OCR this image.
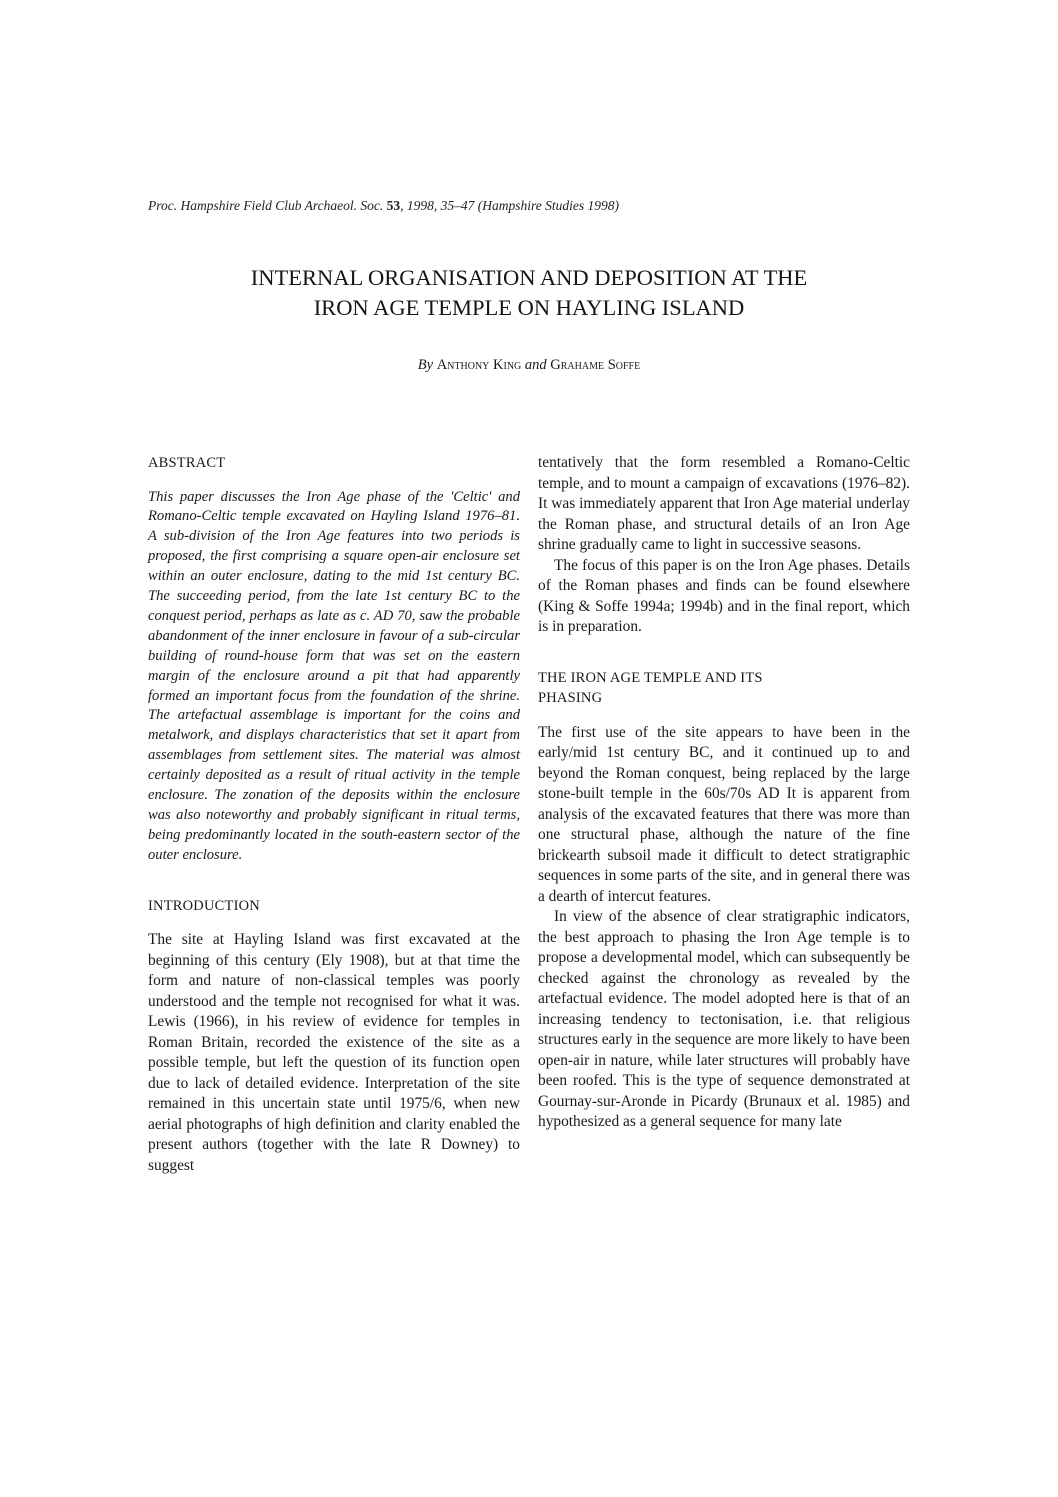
Proc. Hampshire Field Club Archaeol. Soc. 53, 1998, 35–47 (Hampshire Studies 1998)
INTERNAL ORGANISATION AND DEPOSITION AT THE
IRON AGE TEMPLE ON HAYLING ISLAND
By Anthony King and Grahame Soffe
ABSTRACT

This paper discusses the Iron Age phase of the 'Celtic' and Romano-Celtic temple excavated on Hayling Island 1976–81. A sub-division of the Iron Age features into two periods is proposed, the first comprising a square open-air enclosure set within an outer enclosure, dating to the mid 1st century BC. The succeeding period, from the late 1st century BC to the conquest period, perhaps as late as c. AD 70, saw the probable abandonment of the inner enclosure in favour of a sub-circular building of round-house form that was set on the eastern margin of the enclosure around a pit that had apparently formed an important focus from the foundation of the shrine. The artefactual assemblage is important for the coins and metalwork, and displays characteristics that set it apart from assemblages from settlement sites. The material was almost certainly deposited as a result of ritual activity in the temple enclosure. The zonation of the deposits within the enclosure was also noteworthy and probably significant in ritual terms, being predominantly located in the south-eastern sector of the outer enclosure.

INTRODUCTION

The site at Hayling Island was first excavated at the beginning of this century (Ely 1908), but at that time the form and nature of non-classical temples was poorly understood and the temple not recognised for what it was. Lewis (1966), in his review of evidence for temples in Roman Britain, recorded the existence of the site as a possible temple, but left the question of its function open due to lack of detailed evidence. Interpretation of the site remained in this uncertain state until 1975/6, when new aerial photographs of high definition and clarity enabled the present authors (together with the late R Downey) to suggest

tentatively that the form resembled a Romano-Celtic temple, and to mount a campaign of excavations (1976–82). It was immediately apparent that Iron Age material underlay the Roman phase, and structural details of an Iron Age shrine gradually came to light in successive seasons.

The focus of this paper is on the Iron Age phases. Details of the Roman phases and finds can be found elsewhere (King & Soffe 1994a; 1994b) and in the final report, which is in preparation.

THE IRON AGE TEMPLE AND ITS
PHASING

The first use of the site appears to have been in the early/mid 1st century BC, and it continued up to and beyond the Roman conquest, being replaced by the large stone-built temple in the 60s/70s AD It is apparent from analysis of the excavated features that there was more than one structural phase, although the nature of the fine brickearth subsoil made it difficult to detect stratigraphic sequences in some parts of the site, and in general there was a dearth of intercut features.

In view of the absence of clear stratigraphic indicators, the best approach to phasing the Iron Age temple is to propose a developmental model, which can subsequently be checked against the chronology as revealed by the artefactual evidence. The model adopted here is that of an increasing tendency to tectonisation, i.e. that religious structures early in the sequence are more likely to have been open-air in nature, while later structures will probably have been roofed. This is the type of sequence demonstrated at Gournay-sur-Aronde in Picardy (Brunaux et al. 1985) and hypothesized as a general sequence for many late
